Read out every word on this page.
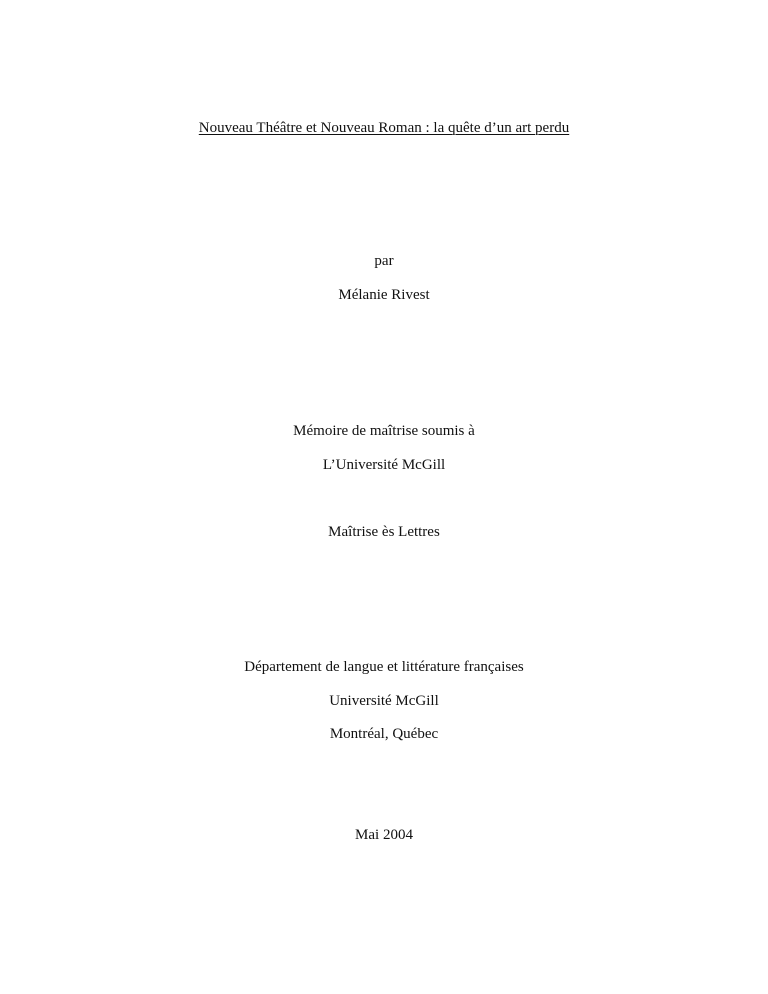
Nouveau Théâtre et Nouveau Roman : la quête d’un art perdu
par
Mélanie Rivest
Mémoire de maîtrise soumis à
L’Université McGill
Maîtrise ès Lettres
Département de langue et littérature françaises
Université McGill
Montréal, Québec
Mai 2004
